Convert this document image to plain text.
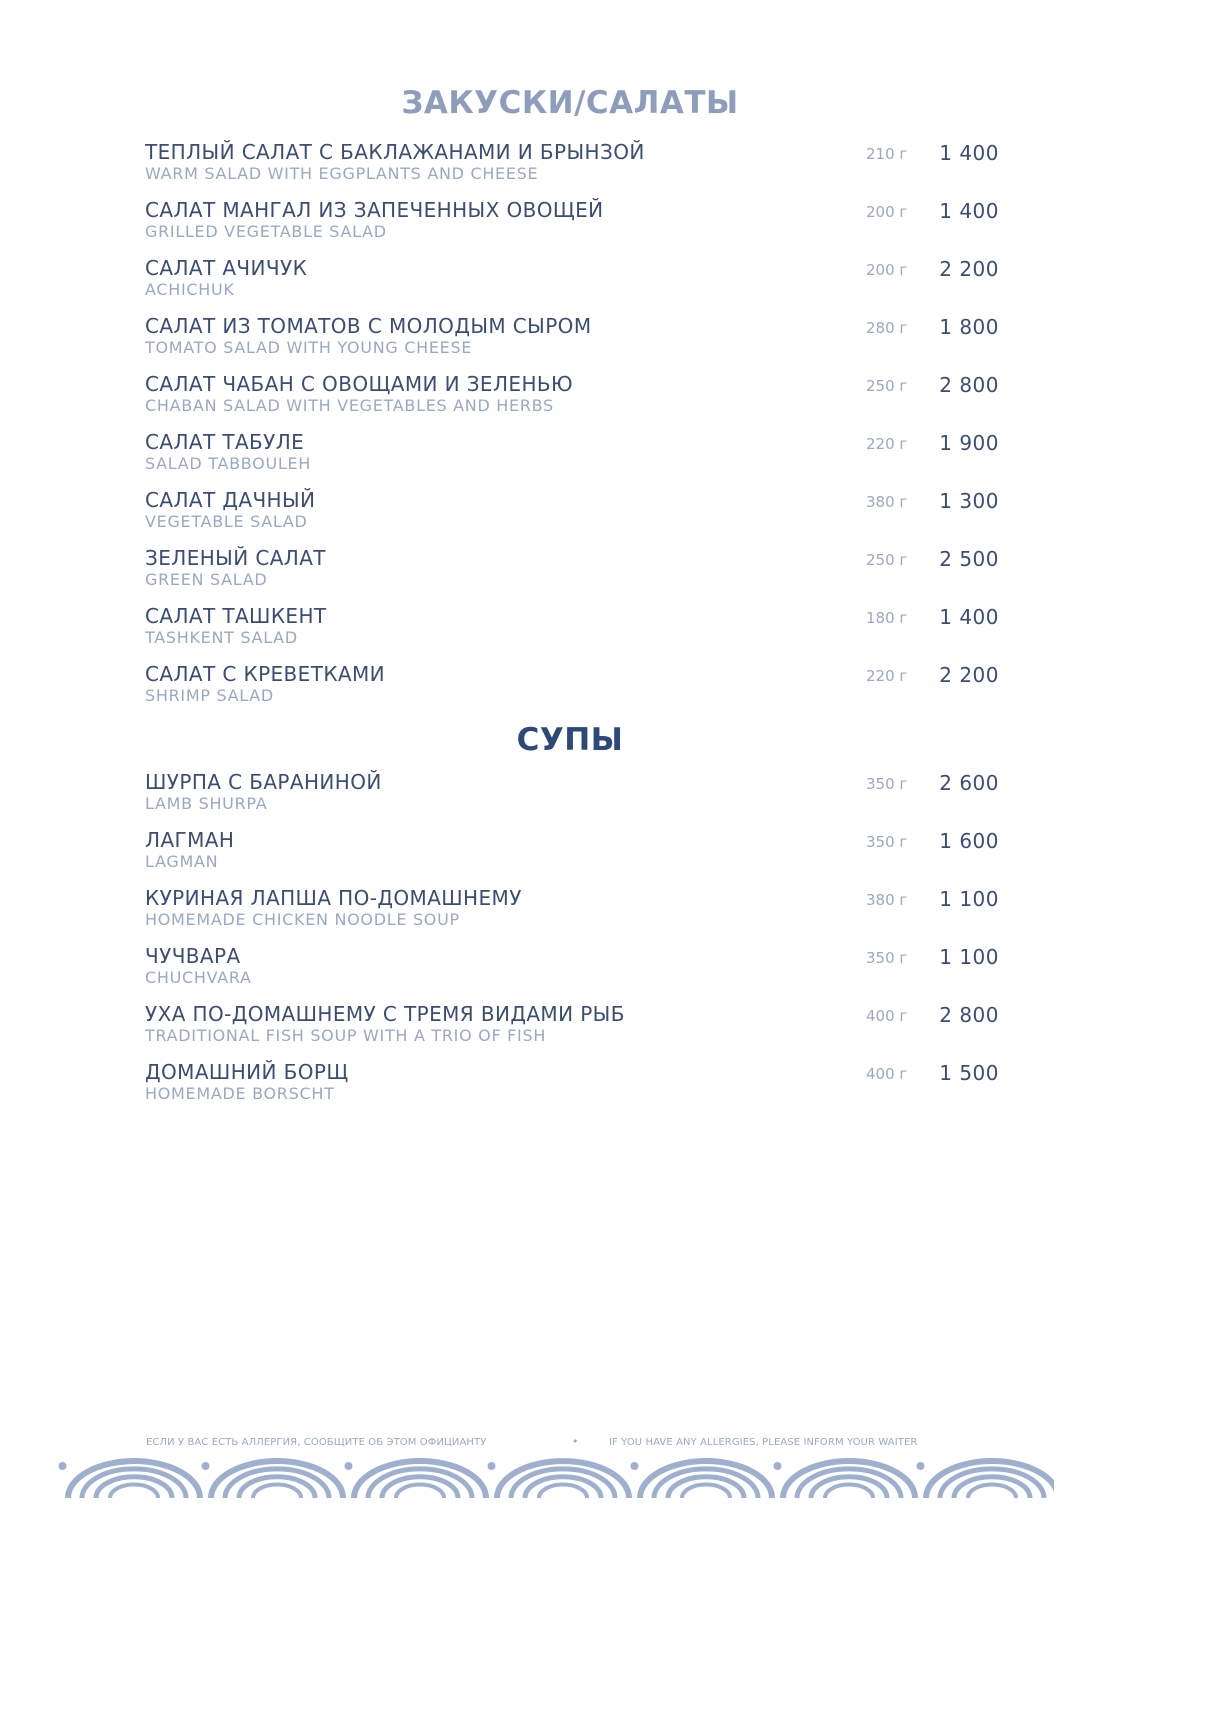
ЗАКУСКИ/САЛАТЫ
ТЕПЛЫЙ САЛАТ С БАКЛАЖАНАМИ И БРЫНЗОЙ
WARM SALAD WITH EGGPLANTS AND CHEESE
210 г 1 400
САЛАТ МАНГАЛ ИЗ ЗАПЕЧЕННЫХ ОВОЩЕЙ
GRILLED VEGETABLE SALAD
200 г 1 400
САЛАТ АЧИЧУК
ACHICHUK
200 г 2 200
САЛАТ ИЗ ТОМАТОВ С МОЛОДЫМ СЫРОМ
TOMATO SALAD WITH YOUNG CHEESE
280 г 1 800
САЛАТ ЧАБАН С ОВОЩАМИ И ЗЕЛЕНЬЮ
CHABAN SALAD WITH VEGETABLES AND HERBS
250 г 2 800
САЛАТ ТАБУЛЕ
SALAD TABBOULEH
220 г 1 900
САЛАТ ДАЧНЫЙ
VEGETABLE SALAD
380 г 1 300
ЗЕЛЕНЫЙ САЛАТ
GREEN SALAD
250 г 2 500
САЛАТ ТАШКЕНТ
TASHKENT SALAD
180 г 1 400
САЛАТ С КРЕВЕТКАМИ
SHRIMP SALAD
220 г 2 200
СУПЫ
ШУРПА С БАРАНИНОЙ
LAMB SHURPA
350 г 2 600
ЛАГМАН
LAGMAN
350 г 1 600
КУРИНАЯ ЛАПША ПО-ДОМАШНЕМУ
HOMEMADE CHICKEN NOODLE SOUP
380 г 1 100
ЧУЧВАРА
CHUCHVARA
350 г 1 100
УХА ПО-ДОМАШНЕМУ С ТРЕМЯ ВИДАМИ РЫБ
TRADITIONAL FISH SOUP WITH A TRIO OF FISH
400 г 2 800
ДОМАШНИЙ БОРЩ
HOMEMADE BORSCHT
400 г 1 500
ЕСЛИ У ВАС ЕСТЬ АЛЛЕРГИЯ, СООБЩИТЕ ОБ ЭТОМ ОФИЦИАНТУ	•	IF YOU HAVE ANY ALLERGIES, PLEASE INFORM YOUR WAITER
